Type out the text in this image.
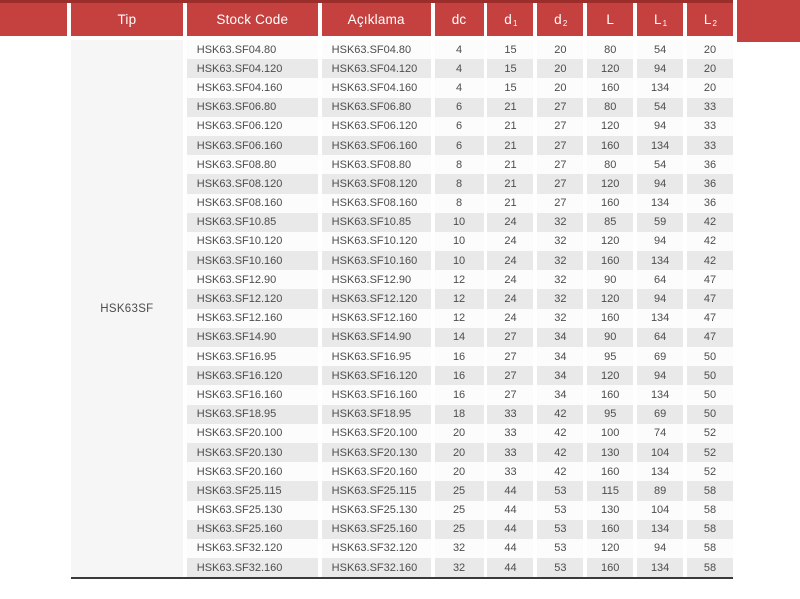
Tip	Stock Code	Açıklama	dc	$d_1$	$d_2$	L	$L_1$	$L_2$
HSK63SF
HSK63.SF04.80	HSK63.SF04.80	4	15	20	80	54	20
HSK63.SF04.120	HSK63.SF04.120	4	15	20	120	94	20
HSK63.SF04.160	HSK63.SF04.160	4	15	20	160	134	20
HSK63.SF06.80	HSK63.SF06.80	6	21	27	80	54	33
HSK63.SF06.120	HSK63.SF06.120	6	21	27	120	94	33
HSK63.SF06.160	HSK63.SF06.160	6	21	27	160	134	33
HSK63.SF08.80	HSK63.SF08.80	8	21	27	80	54	36
HSK63.SF08.120	HSK63.SF08.120	8	21	27	120	94	36
HSK63.SF08.160	HSK63.SF08.160	8	21	27	160	134	36
HSK63.SF10.85	HSK63.SF10.85	10	24	32	85	59	42
HSK63.SF10.120	HSK63.SF10.120	10	24	32	120	94	42
HSK63.SF10.160	HSK63.SF10.160	10	24	32	160	134	42
HSK63.SF12.90	HSK63.SF12.90	12	24	32	90	64	47
HSK63.SF12.120	HSK63.SF12.120	12	24	32	120	94	47
HSK63.SF12.160	HSK63.SF12.160	12	24	32	160	134	47
HSK63.SF14.90	HSK63.SF14.90	14	27	34	90	64	47
HSK63.SF16.95	HSK63.SF16.95	16	27	34	95	69	50
HSK63.SF16.120	HSK63.SF16.120	16	27	34	120	94	50
HSK63.SF16.160	HSK63.SF16.160	16	27	34	160	134	50
HSK63.SF18.95	HSK63.SF18.95	18	33	42	95	69	50
HSK63.SF20.100	HSK63.SF20.100	20	33	42	100	74	52
HSK63.SF20.130	HSK63.SF20.130	20	33	42	130	104	52
HSK63.SF20.160	HSK63.SF20.160	20	33	42	160	134	52
HSK63.SF25.115	HSK63.SF25.115	25	44	53	115	89	58
HSK63.SF25.130	HSK63.SF25.130	25	44	53	130	104	58
HSK63.SF25.160	HSK63.SF25.160	25	44	53	160	134	58
HSK63.SF32.120	HSK63.SF32.120	32	44	53	120	94	58
HSK63.SF32.160	HSK63.SF32.160	32	44	53	160	134	58
